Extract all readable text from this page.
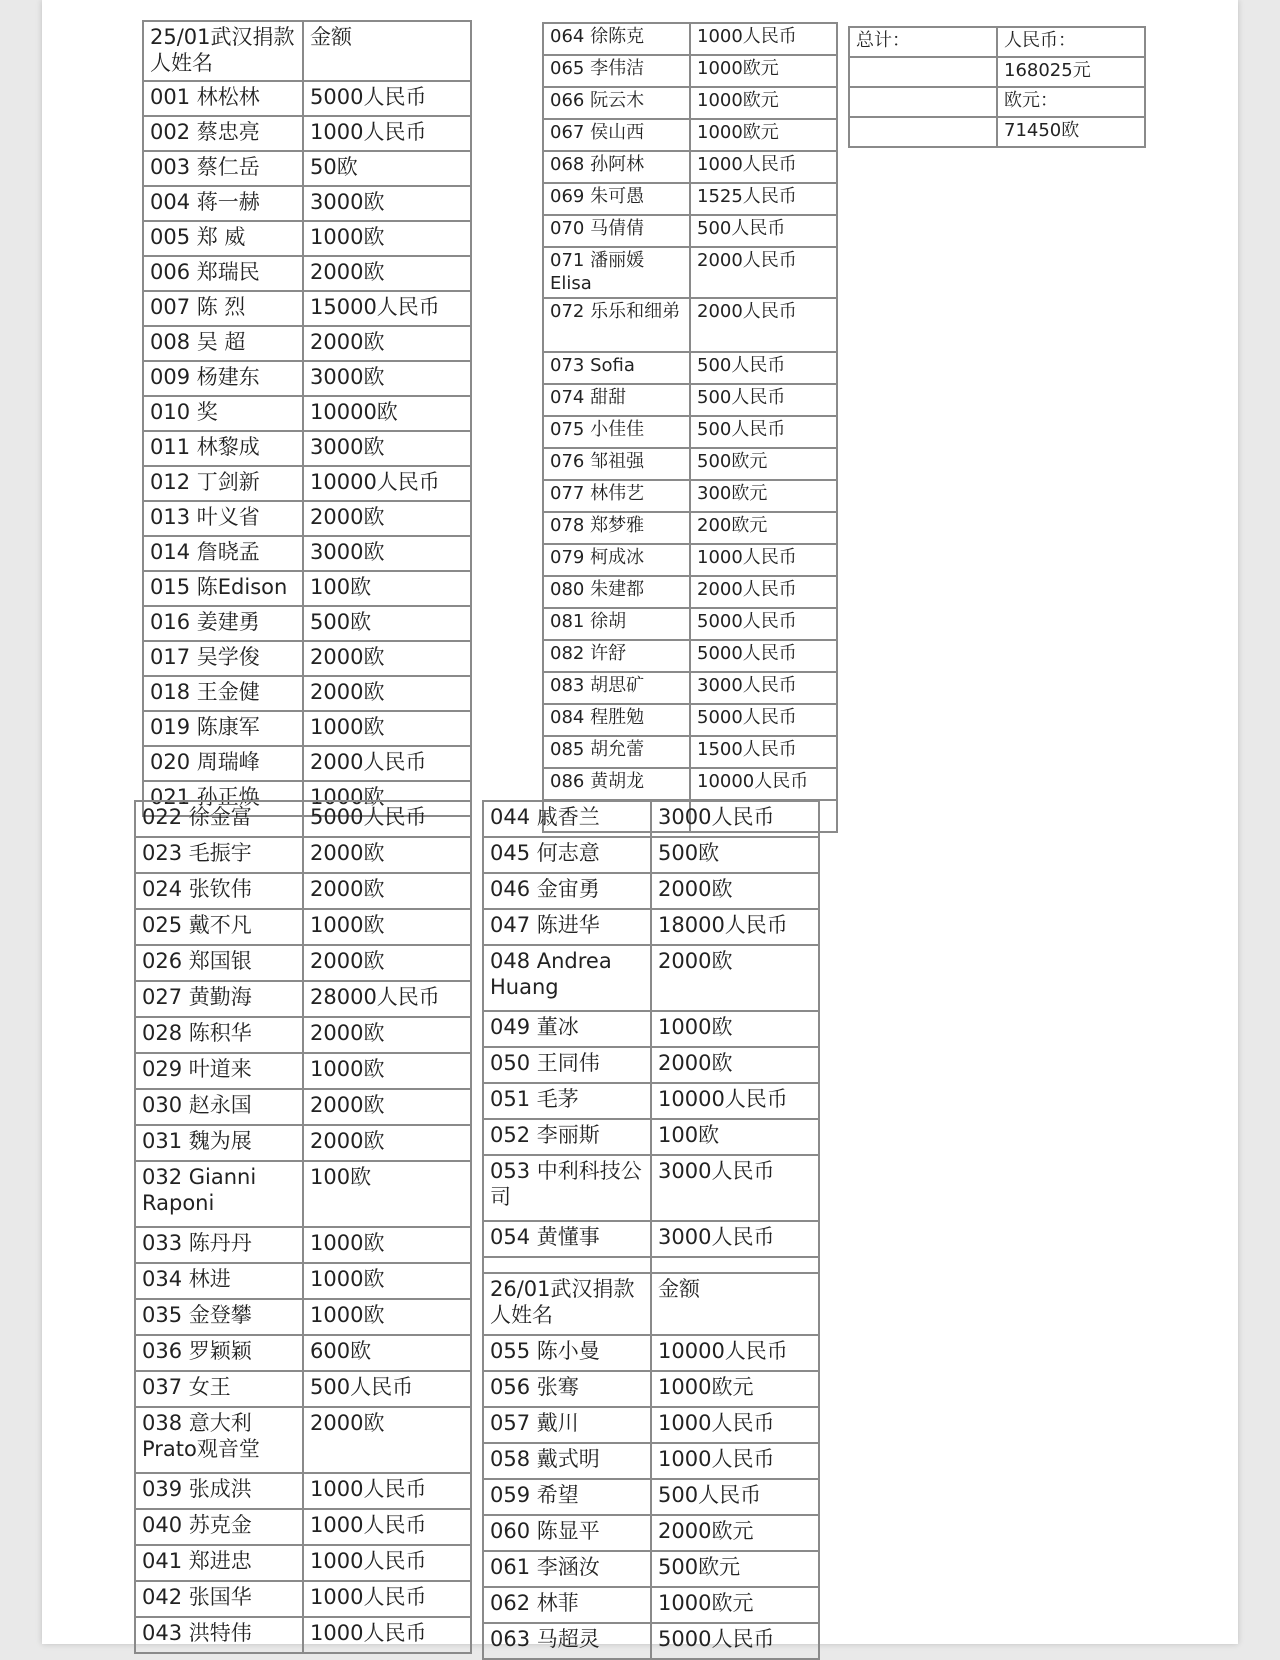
25/01武汉捐款人姓名	金额
001 林松林	5000人民币
002 蔡忠亮	1000人民币
003 蔡仁岳	50欧
004 蒋一赫	3000欧
005 郑 威	1000欧
006 郑瑞民	2000欧
007 陈 烈	15000人民币
008 吴 超	2000欧
009 杨建东	3000欧
010 奖	10000欧
011 林黎成	3000欧
012 丁剑新	10000人民币
013 叶义省	2000欧
014 詹晓孟	3000欧
015 陈Edison	100欧
016 姜建勇	500欧
017 吴学俊	2000欧
018 王金健	2000欧
019 陈康军	1000欧
020 周瑞峰	2000人民币
021 孙正焕	1000欧
064 徐陈克	1000人民币
065 李伟洁	1000欧元
066 阮云木	1000欧元
067 侯山西	1000欧元
068 孙阿林	1000人民币
069 朱可愚	1525人民币
070 马倩倩	500人民币
071 潘丽媛Elisa	2000人民币
072 乐乐和细弟	2000人民币
073 Sofia	500人民币
074 甜甜	500人民币
075 小佳佳	500人民币
076 邹祖强	500欧元
077 林伟艺	300欧元
078 郑梦雅	200欧元
079 柯成冰	1000人民币
080 朱建都	2000人民币
081 徐胡	5000人民币
082 许舒	5000人民币
083 胡思矿	3000人民币
084 程胜勉	5000人民币
085 胡允蕾	1500人民币
086 黄胡龙	10000人民币

总计：	人民币：
	168025元
	欧元：
	71450欧
022 徐金富	5000人民币
023 毛振宇	2000欧
024 张钦伟	2000欧
025 戴不凡	1000欧
026 郑国银	2000欧
027 黄勤海	28000人民币
028 陈积华	2000欧
029 叶道来	1000欧
030 赵永国	2000欧
031 魏为展	2000欧
032 Gianni Raponi	100欧
033 陈丹丹	1000欧
034 林进	1000欧
035 金登攀	1000欧
036 罗颖颖	600欧
037 女王	500人民币
038 意大利Prato观音堂	2000欧
039 张成洪	1000人民币
040 苏克金	1000人民币
041 郑进忠	1000人民币
042 张国华	1000人民币
043 洪特伟	1000人民币
044 戚香兰	3000人民币
045 何志意	500欧
046 金宙勇	2000欧
047 陈进华	18000人民币
048 Andrea Huang	2000欧
049 董冰	1000欧
050 王同伟	2000欧
051 毛茅	10000人民币
052 李丽斯	100欧
053 中利科技公司	3000人民币
054 黄懂事	3000人民币

26/01武汉捐款人姓名	金额
055 陈小曼	10000人民币
056 张骞	1000欧元
057 戴川	1000人民币
058 戴式明	1000人民币
059 希望	500人民币
060 陈显平	2000欧元
061 李涵汝	500欧元
062 林菲	1000欧元
063 马超灵	5000人民币
